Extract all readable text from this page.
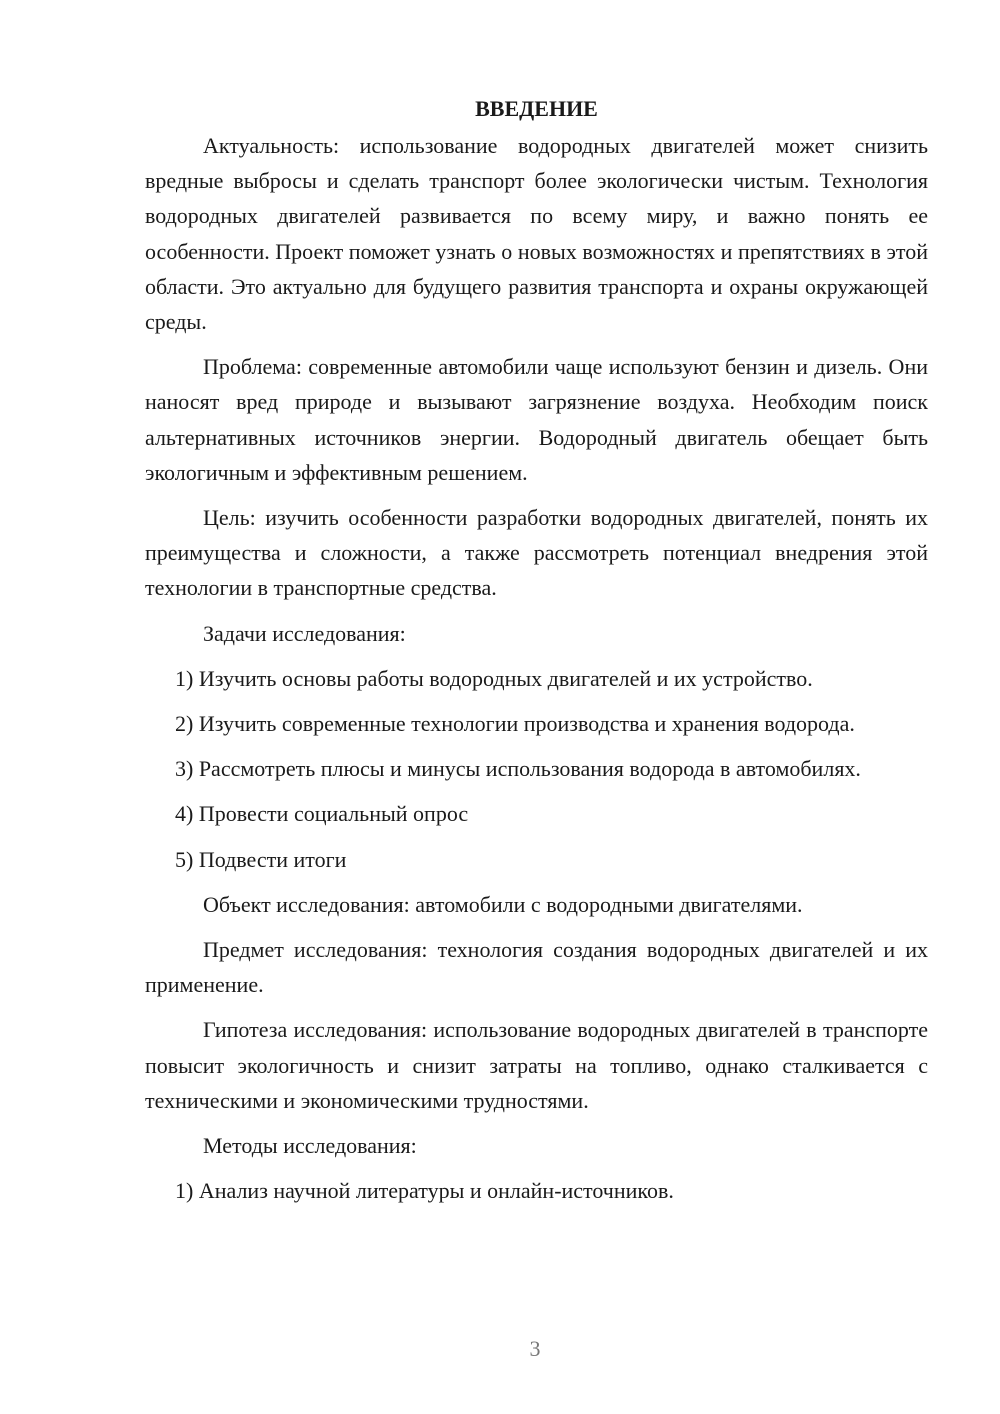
ВВЕДЕНИЕ

Актуальность: использование водородных двигателей может снизить вредные выбросы и сделать транспорт более экологически чистым. Технология водородных двигателей развивается по всему миру, и важно понять ее особенности. Проект поможет узнать о новых возможностях и препятствиях в этой области. Это актуально для будущего развития транспорта и охраны окружающей среды.

Проблема: современные автомобили чаще используют бензин и дизель. Они наносят вред природе и вызывают загрязнение воздуха. Необходим поиск альтернативных источников энергии. Водородный двигатель обещает быть экологичным и эффективным решением.

Цель: изучить особенности разработки водородных двигателей, понять их преимущества и сложности, а также рассмотреть потенциал внедрения этой технологии в транспортные средства.

Задачи исследования:

1) Изучить основы работы водородных двигателей и их устройство.

2) Изучить современные технологии производства и хранения водорода.

3) Рассмотреть плюсы и минусы использования водорода в автомобилях.

4) Провести социальный опрос

5) Подвести итоги

Объект исследования: автомобили с водородными двигателями.

Предмет исследования: технология создания водородных двигателей и их применение.

Гипотеза исследования: использование водородных двигателей в транспорте повысит экологичность и снизит затраты на топливо, однако сталкивается с техническими и экономическими трудностями.

Методы исследования:

1) Анализ научной литературы и онлайн-источников.

3
